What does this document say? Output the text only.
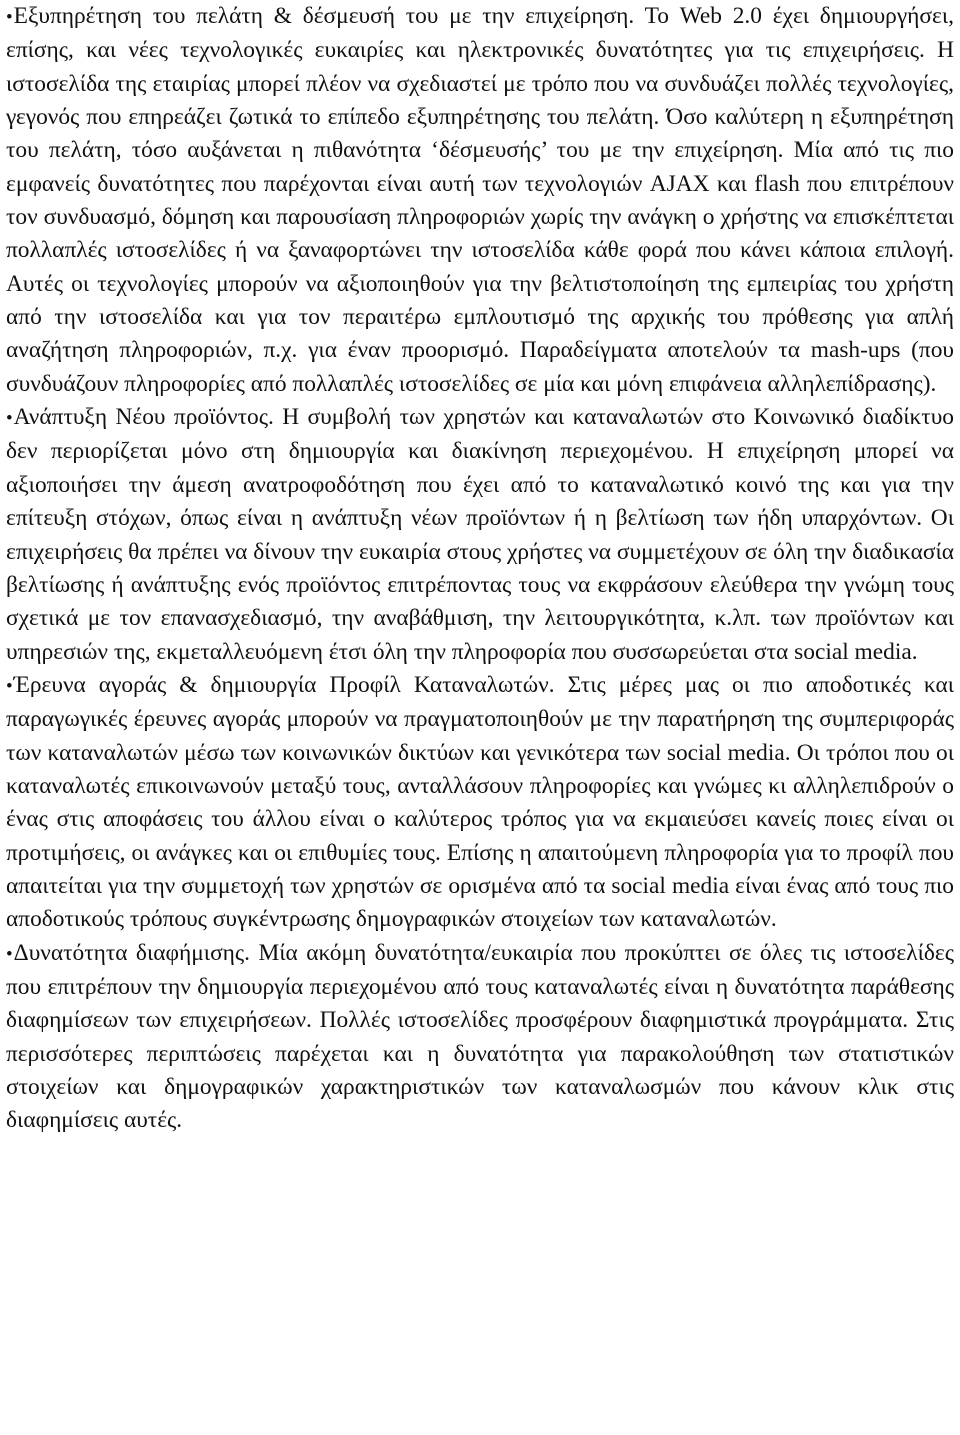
•Εξυπηρέτηση του πελάτη & δέσμευσή του με την επιχείρηση. Το Web 2.0 έχει δημιουργήσει, επίσης, και νέες τεχνολογικές ευκαιρίες και ηλεκτρονικές δυνατότητες για τις επιχειρήσεις. Η ιστοσελίδα της εταιρίας μπορεί πλέον να σχεδιαστεί με τρόπο που να συνδυάζει πολλές τεχνολογίες, γεγονός που επηρεάζει ζωτικά το επίπεδο εξυπηρέτησης του πελάτη. Όσο καλύτερη η εξυπηρέτηση του πελάτη, τόσο αυξάνεται η πιθανότητα ‘δέσμευσής’ του με την επιχείρηση. Μία από τις πιο εμφανείς δυνατότητες που παρέχονται είναι αυτή των τεχνολογιών AJAX και flash που επιτρέπουν τον συνδυασμό, δόμηση και παρουσίαση πληροφοριών χωρίς την ανάγκη ο χρήστης να επισκέπτεται πολλαπλές ιστοσελίδες ή να ξαναφορτώνει την ιστοσελίδα κάθε φορά που κάνει κάποια επιλογή. Αυτές οι τεχνολογίες μπορούν να αξιοποιηθούν για την βελτιστοποίηση της εμπειρίας του χρήστη από την ιστοσελίδα και για τον περαιτέρω εμπλουτισμό της αρχικής του πρόθεσης για απλή αναζήτηση πληροφοριών, π.χ. για έναν προορισμό. Παραδείγματα αποτελούν τα mash-ups (που συνδυάζουν πληροφορίες από πολλαπλές ιστοσελίδες σε μία και μόνη επιφάνεια αλληλεπίδρασης).

•Ανάπτυξη Νέου προϊόντος. Η συμβολή των χρηστών και καταναλωτών στο Κοινωνικό διαδίκτυο δεν περιορίζεται μόνο στη δημιουργία και διακίνηση περιεχομένου. Η επιχείρηση μπορεί να αξιοποιήσει την άμεση ανατροφοδότηση που έχει από το καταναλωτικό κοινό της και για την επίτευξη στόχων, όπως είναι η ανάπτυξη νέων προϊόντων ή η βελτίωση των ήδη υπαρχόντων. Οι επιχειρήσεις θα πρέπει να δίνουν την ευκαιρία στους χρήστες να συμμετέχουν σε όλη την διαδικασία βελτίωσης ή ανάπτυξης ενός προϊόντος επιτρέποντας τους να εκφράσουν ελεύθερα την γνώμη τους σχετικά με τον επανασχεδιασμό, την αναβάθμιση, την λειτουργικότητα, κ.λπ. των προϊόντων και υπηρεσιών της, εκμεταλλευόμενη έτσι όλη την πληροφορία που συσσωρεύεται στα social media.

•Έρευνα αγοράς & δημιουργία Προφίλ Καταναλωτών. Στις μέρες μας οι πιο αποδοτικές και παραγωγικές έρευνες αγοράς μπορούν να πραγματοποιηθούν με την παρατήρηση της συμπεριφοράς των καταναλωτών μέσω των κοινωνικών δικτύων και γενικότερα των social media. Οι τρόποι που οι καταναλωτές επικοινωνούν μεταξύ τους, ανταλλάσουν πληροφορίες και γνώμες κι αλληλεπιδρούν ο ένας στις αποφάσεις του άλλου είναι ο καλύτερος τρόπος για να εκμαιεύσει κανείς ποιες είναι οι προτιμήσεις, οι ανάγκες και οι επιθυμίες τους. Επίσης η απαιτούμενη πληροφορία για το προφίλ που απαιτείται για την συμμετοχή των χρηστών σε ορισμένα από τα social media είναι ένας από τους πιο αποδοτικούς τρόπους συγκέντρωσης δημογραφικών στοιχείων των καταναλωτών.

•Δυνατότητα διαφήμισης. Μία ακόμη δυνατότητα/ευκαιρία που προκύπτει σε όλες τις ιστοσελίδες που επιτρέπουν την δημιουργία περιεχομένου από τους καταναλωτές είναι η δυνατότητα παράθεσης διαφημίσεων των επιχειρήσεων. Πολλές ιστοσελίδες προσφέρουν διαφημιστικά προγράμματα. Στις περισσότερες περιπτώσεις παρέχεται και η δυνατότητα για παρακολούθηση των στατιστικών στοιχείων και δημογραφικών χαρακτηριστικών των καταναλωσμών που κάνουν κλικ στις διαφημίσεις αυτές.
